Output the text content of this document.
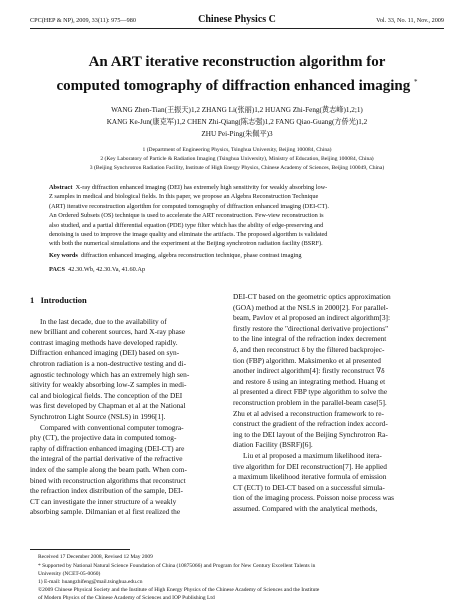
CPC(HEP & NP), 2009, 33(11): 975—980	Chinese Physics C	Vol. 33, No. 11, Nov., 2009
An ART iterative reconstruction algorithm for
computed tomography of diffraction enhanced imaging *
WANG Zhen-Tian(王振天)1,2 ZHANG Li(张丽)1,2 HUANG Zhi-Feng(黄志峰)1,2;1)
KANG Ke-Jun(康克军)1,2 CHEN Zhi-Qiang(陈志强)1,2 FANG Qiao-Guang(方侨光)1,2
ZHU Pei-Ping(朱佩平)3
1 (Department of Engineering Physics, Tsinghua University, Beijing 100084, China)
2 (Key Laboratory of Particle & Radiation Imaging (Tsinghua University), Ministry of Education, Beijing 100084, China)
3 (Beijing Synchrotron Radiation Facility, Institute of High Energy Physics, Chinese Academy of Sciences, Beijing 100049, China)
Abstract X-ray diffraction enhanced imaging (DEI) has extremely high sensitivity for weakly absorbing low-
Z samples in medical and biological fields. In this paper, we propose an Algebra Reconstruction Technique
(ART) iterative reconstruction algorithm for computed tomography of diffraction enhanced imaging (DEI-CT).
An Ordered Subsets (OS) technique is used to accelerate the ART reconstruction. Few-view reconstruction is
also studied, and a partial differential equation (PDE) type filter which has the ability of edge-preserving and
denoising is used to improve the image quality and eliminate the artifacts. The proposed algorithm is validated
with both the numerical simulations and the experiment at the Beijing synchrotron radiation facility (BSRF).
Key words diffraction enhanced imaging, algebra reconstruction technique, phase contrast imaging
PACS 42.30.Wb, 42.30.Va, 41.60.Ap
1 Introduction
In the last decade, due to the availability of
new brilliant and coherent sources, hard X-ray phase
contrast imaging methods have developed rapidly.
Diffraction enhanced imaging (DEI) based on syn-
chrotron radiation is a non-destructive testing and di-
agnostic technology which has an extremely high sen-
sitivity for weakly absorbing low-Z samples in medi-
cal and biological fields. The conception of the DEI
was first developed by Chapman et al at the National
Synchrotron Light Source (NSLS) in 1996[1].
Compared with conventional computer tomogra-
phy (CT), the projective data in computed tomog-
raphy of diffraction enhanced imaging (DEI-CT) are
the integral of the partial derivative of the refractive
index of the sample along the beam path. When com-
bined with reconstruction algorithms that reconstruct
the refraction index distribution of the sample, DEI-
CT can investigate the inner structure of a weakly
absorbing sample. Dilmanian et al first realized the
DEI-CT based on the geometric optics approximation
(GOA) method at the NSLS in 2000[2]. For parallel-
beam, Pavlov et al proposed an indirect algorithm[3]:
firstly restore the "directional derivative projections"
to the line integral of the refraction index decrement
δ, and then reconstruct δ by the filtered backprojec-
tion (FBP) algorithm. Maksimenko et al presented
another indirect algorithm[4]: firstly reconstruct ∇δ
and restore δ using an integrating method. Huang et
al presented a direct FBP type algorithm to solve the
reconstruction problem in the parallel-beam case[5].
Zhu et al advised a reconstruction framework to re-
construct the gradient of the refraction index accord-
ing to the DEI layout of the Beijing Synchrotron Ra-
diation Facility (BSRF)[6].
Liu et al proposed a maximum likelihood itera-
tive algorithm for DEI reconstruction[7]. He applied
a maximum likelihood iterative formula of emission
CT (ECT) to DEI-CT based on a successful simula-
tion of the imaging process. Poisson noise process was
assumed. Compared with the analytical methods,
Received 17 December 2008, Revised 12 May 2009
* Supported by National Natural Science Foundation of China (10875066) and Program for New Century Excellent Talents in
University (NCET-05-0060)
1) E-mail: huangzhifeng@mail.tsinghua.edu.cn
©2009 Chinese Physical Society and the Institute of High Energy Physics of the Chinese Academy of Sciences and the Institute
of Modern Physics of the Chinese Academy of Sciences and IOP Publishing Ltd
